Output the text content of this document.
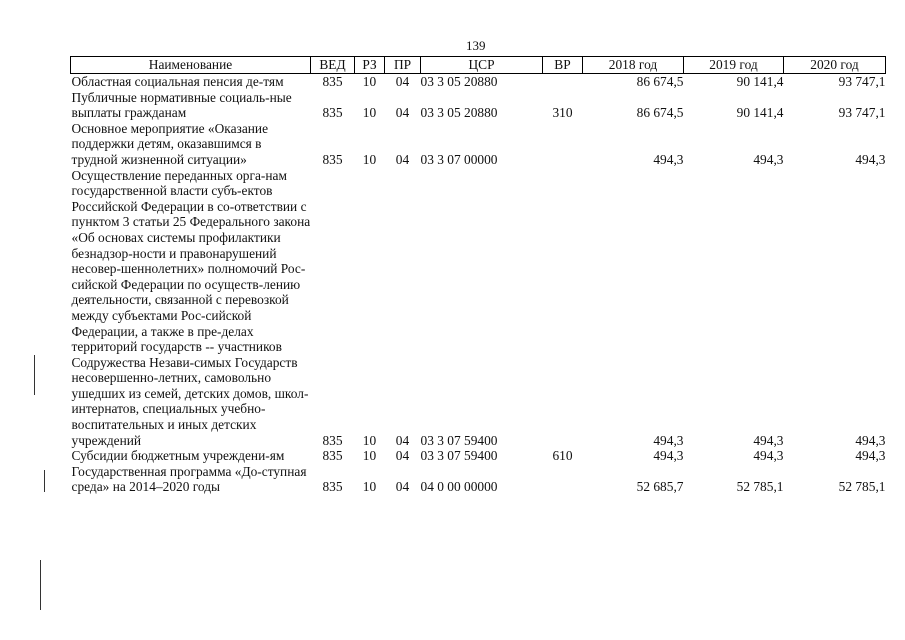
139
Наименование	ВЕД	РЗ	ПР	ЦСР	ВР	2018 год	2019 год	2020 год
Областная социальная пенсия де-тям	835	10	04	03 3 05 20880		86 674,5	90 141,4	93 747,1
Публичные нормативные социаль-ные выплаты гражданам	835	10	04	03 3 05 20880	310	86 674,5	90 141,4	93 747,1
Основное мероприятие «Оказание поддержки детям, оказавшимся в трудной жизненной ситуации»	835	10	04	03 3 07 00000		494,3	494,3	494,3
Осуществление переданных орга-нам государственной власти субъ-ектов Российской Федерации в со-ответствии с пунктом 3 статьи 25 Федерального закона «Об основах системы профилактики безнадзор-ности и правонарушений несовер-шеннолетних» полномочий Рос-сийской Федерации по осуществ-лению деятельности, связанной с перевозкой между субъектами Рос-сийской Федерации, а также в пре-делах территорий государств -- участников Содружества Незави-симых Государств несовершенно-летних, самовольно ушедших из семей, детских домов, школ-интернатов, специальных учебно-воспитательных и иных детских учреждений	835	10	04	03 3 07 59400		494,3	494,3	494,3
Субсидии бюджетным учреждени-ям	835	10	04	03 3 07 59400	610	494,3	494,3	494,3
Государственная программа «До-ступная среда» на 2014–2020 годы	835	10	04	04 0 00 00000		52 685,7	52 785,1	52 785,1
